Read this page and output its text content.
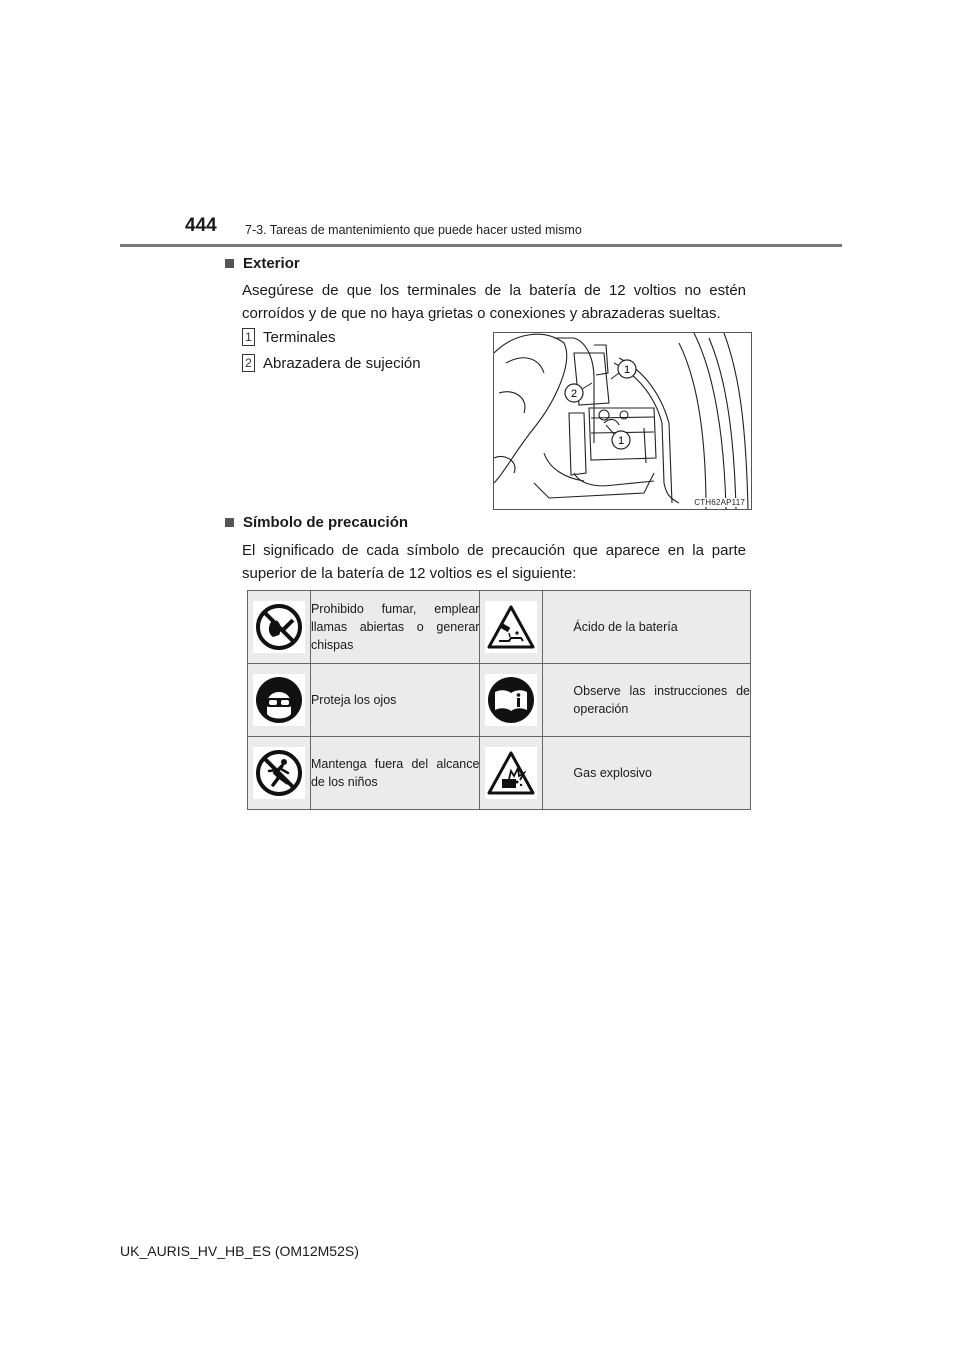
444 7-3. Tareas de mantenimiento que puede hacer usted mismo
Exterior
Asegúrese de que los terminales de la batería de 12 voltios no estén corroídos y de que no haya grietas o conexiones y abrazaderas sueltas.
1 Terminales
2 Abrazadera de sujeción	1
2
1
CTH62AP117
Símbolo de precaución
El significado de cada símbolo de precaución que aparece en la parte superior de la batería de 12 voltios es el siguiente:
	Prohibido fumar, emplear llamas abiertas o generar chispas		Ácido de la batería

	Proteja los ojos		Observe las instrucciones de operación

	Mantenga fuera del alcance de los niños		Gas explosivo
UK_AURIS_HV_HB_ES (OM12M52S)
